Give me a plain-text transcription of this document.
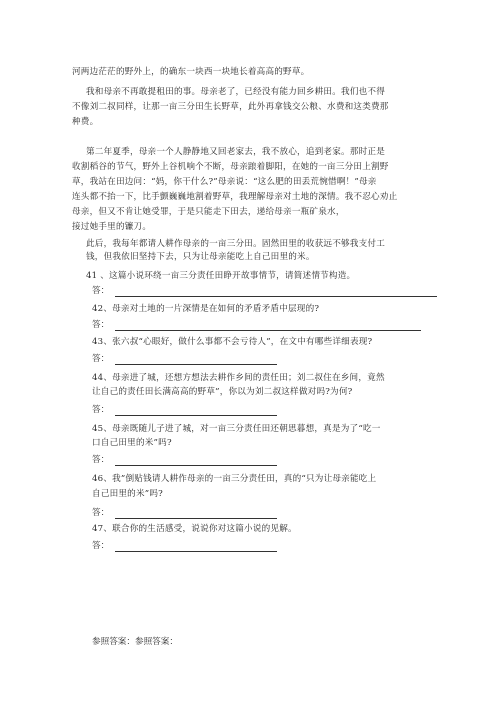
河两边茫茫的野外上，的确东一块西一块地长着高高的野草。
我和母亲不再敢提租田的事。母亲老了，已经没有能力回乡耕田。我们也不得
不像刘二叔同样，让那一亩三分田生长野草，此外再拿钱交公粮、水费和这类费那
种费。
第二年夏季，母亲一个人静静地又回老家去，我不放心，追到老家。那时正是
收割稻谷的节气，野外上谷机响个不断，母亲踉着脚阳，在她的一亩三分田上割野
草，我站在田边问：“妈，你干什么?”母亲说：“这么肥的田丢荒惋惜啊！”母亲
连头都不抬一下，比手颤巍巍地割着野草，我理解母亲对土地的深情。我不忍心劝止
母亲，但又不肯让她受罪，于是只能走下田去，递给母亲一瓶矿泉水，
接过她手里的镰刀。
此后，我每年都请人耕作母亲的一亩三分田。固然田里的收获远不够我支付工
钱，但我依旧坚持下去，只为让母亲能吃上自己田里的米。
41 、这篇小说环绕一亩三分责任田睁开故事情节，请简述情节构造。
答：
42、母亲对土地的一片深情是在如何的矛盾矛盾中层现的?
答：
43、张六叔“心眼好，做什么事都不会亏待人”，在文中有哪些详细表现?
答：
44、母亲进了城，还想方想法去耕作乡间的责任田；刘二叔住在乡间，竟然
让自己的责任田长满高高的野草”，你以为刘二叔这样做对吗?为何?
答：
45、母亲既随儿子进了城，对一亩三分责任田还朝思暮想，真是为了“吃一
口自己田里的米”吗?
答：
46、我”倒贴钱请人耕作母亲的一亩三分责任田，真的“只为让母亲能吃上
自己田里的米”吗?
答：
47、联合你的生活感受，说说你对这篇小说的见解。
答：
参照答案：参照答案：
